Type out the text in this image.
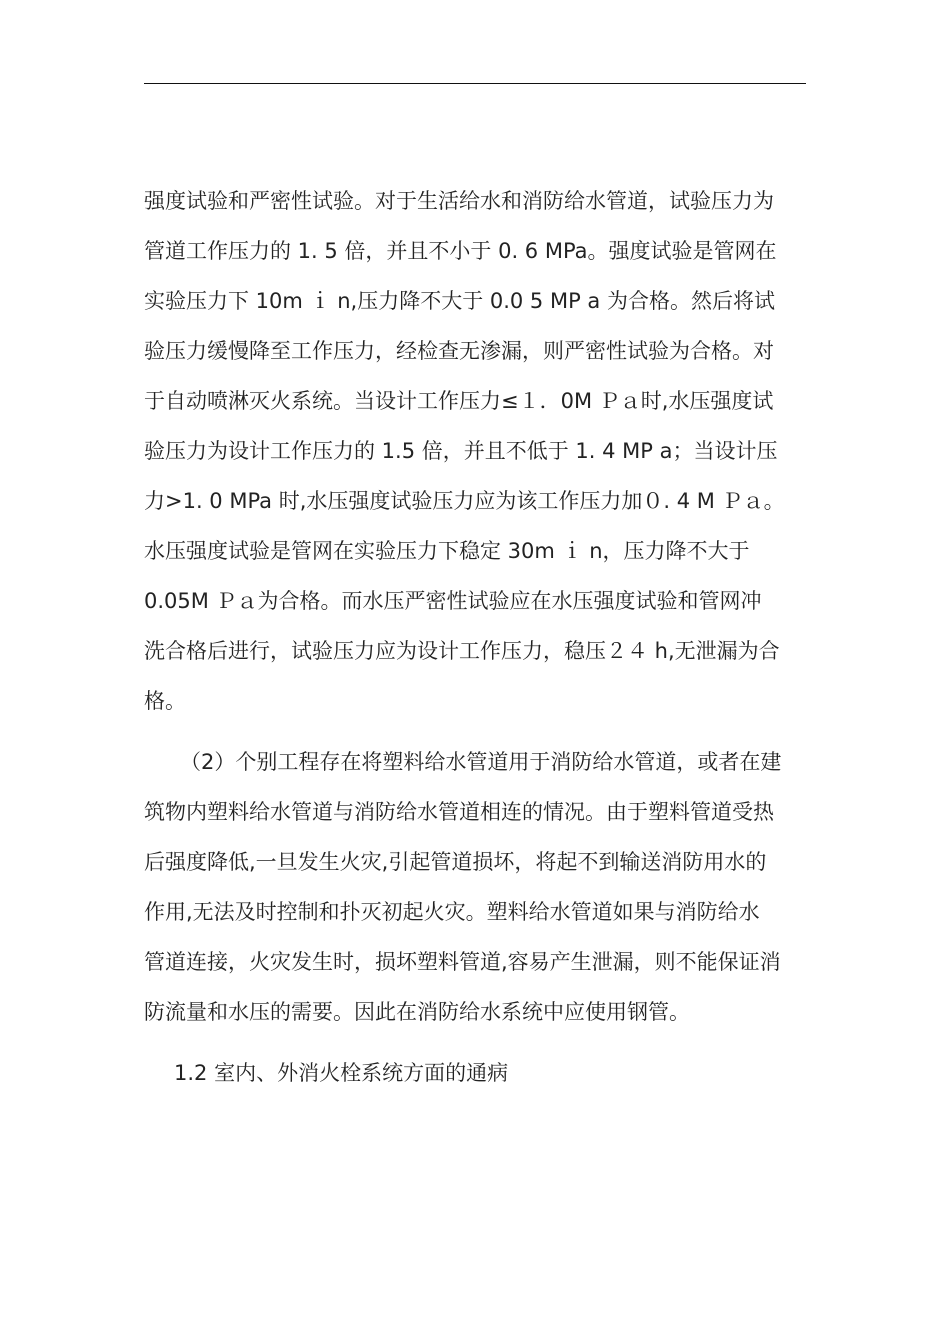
强度试验和严密性试验。对于生活给水和消防给水管道，试验压力为
管道工作压力的 1. 5 倍，并且不小于 0. 6 MPa。强度试验是管网在
实验压力下 10m ｉ n,压力降不大于 0.0 5 MP a 为合格。然后将试
验压力缓慢降至工作压力，经检查无渗漏，则严密性试验为合格。对
于自动喷淋灭火系统。当设计工作压力≤１．0M Ｐａ时,水压强度试
验压力为设计工作压力的 1.5 倍，并且不低于 1. 4 MP a；当设计压
力>1. 0 MPa 时,水压强度试验压力应为该工作压力加０. 4 M Ｐａ。
水压强度试验是管网在实验压力下稳定 30m ｉ n，压力降不大于
0.05M Ｐａ为合格。而水压严密性试验应在水压强度试验和管网冲
洗合格后进行，试验压力应为设计工作压力，稳压２４ h,无泄漏为合
格。
（2）个别工程存在将塑料给水管道用于消防给水管道，或者在建
筑物内塑料给水管道与消防给水管道相连的情况。由于塑料管道受热
后强度降低,一旦发生火灾,引起管道损坏，将起不到输送消防用水的
作用,无法及时控制和扑灭初起火灾。塑料给水管道如果与消防给水
管道连接，火灾发生时，损坏塑料管道,容易产生泄漏，则不能保证消
防流量和水压的需要。因此在消防给水系统中应使用钢管。
1.2 室内、外消火栓系统方面的通病
